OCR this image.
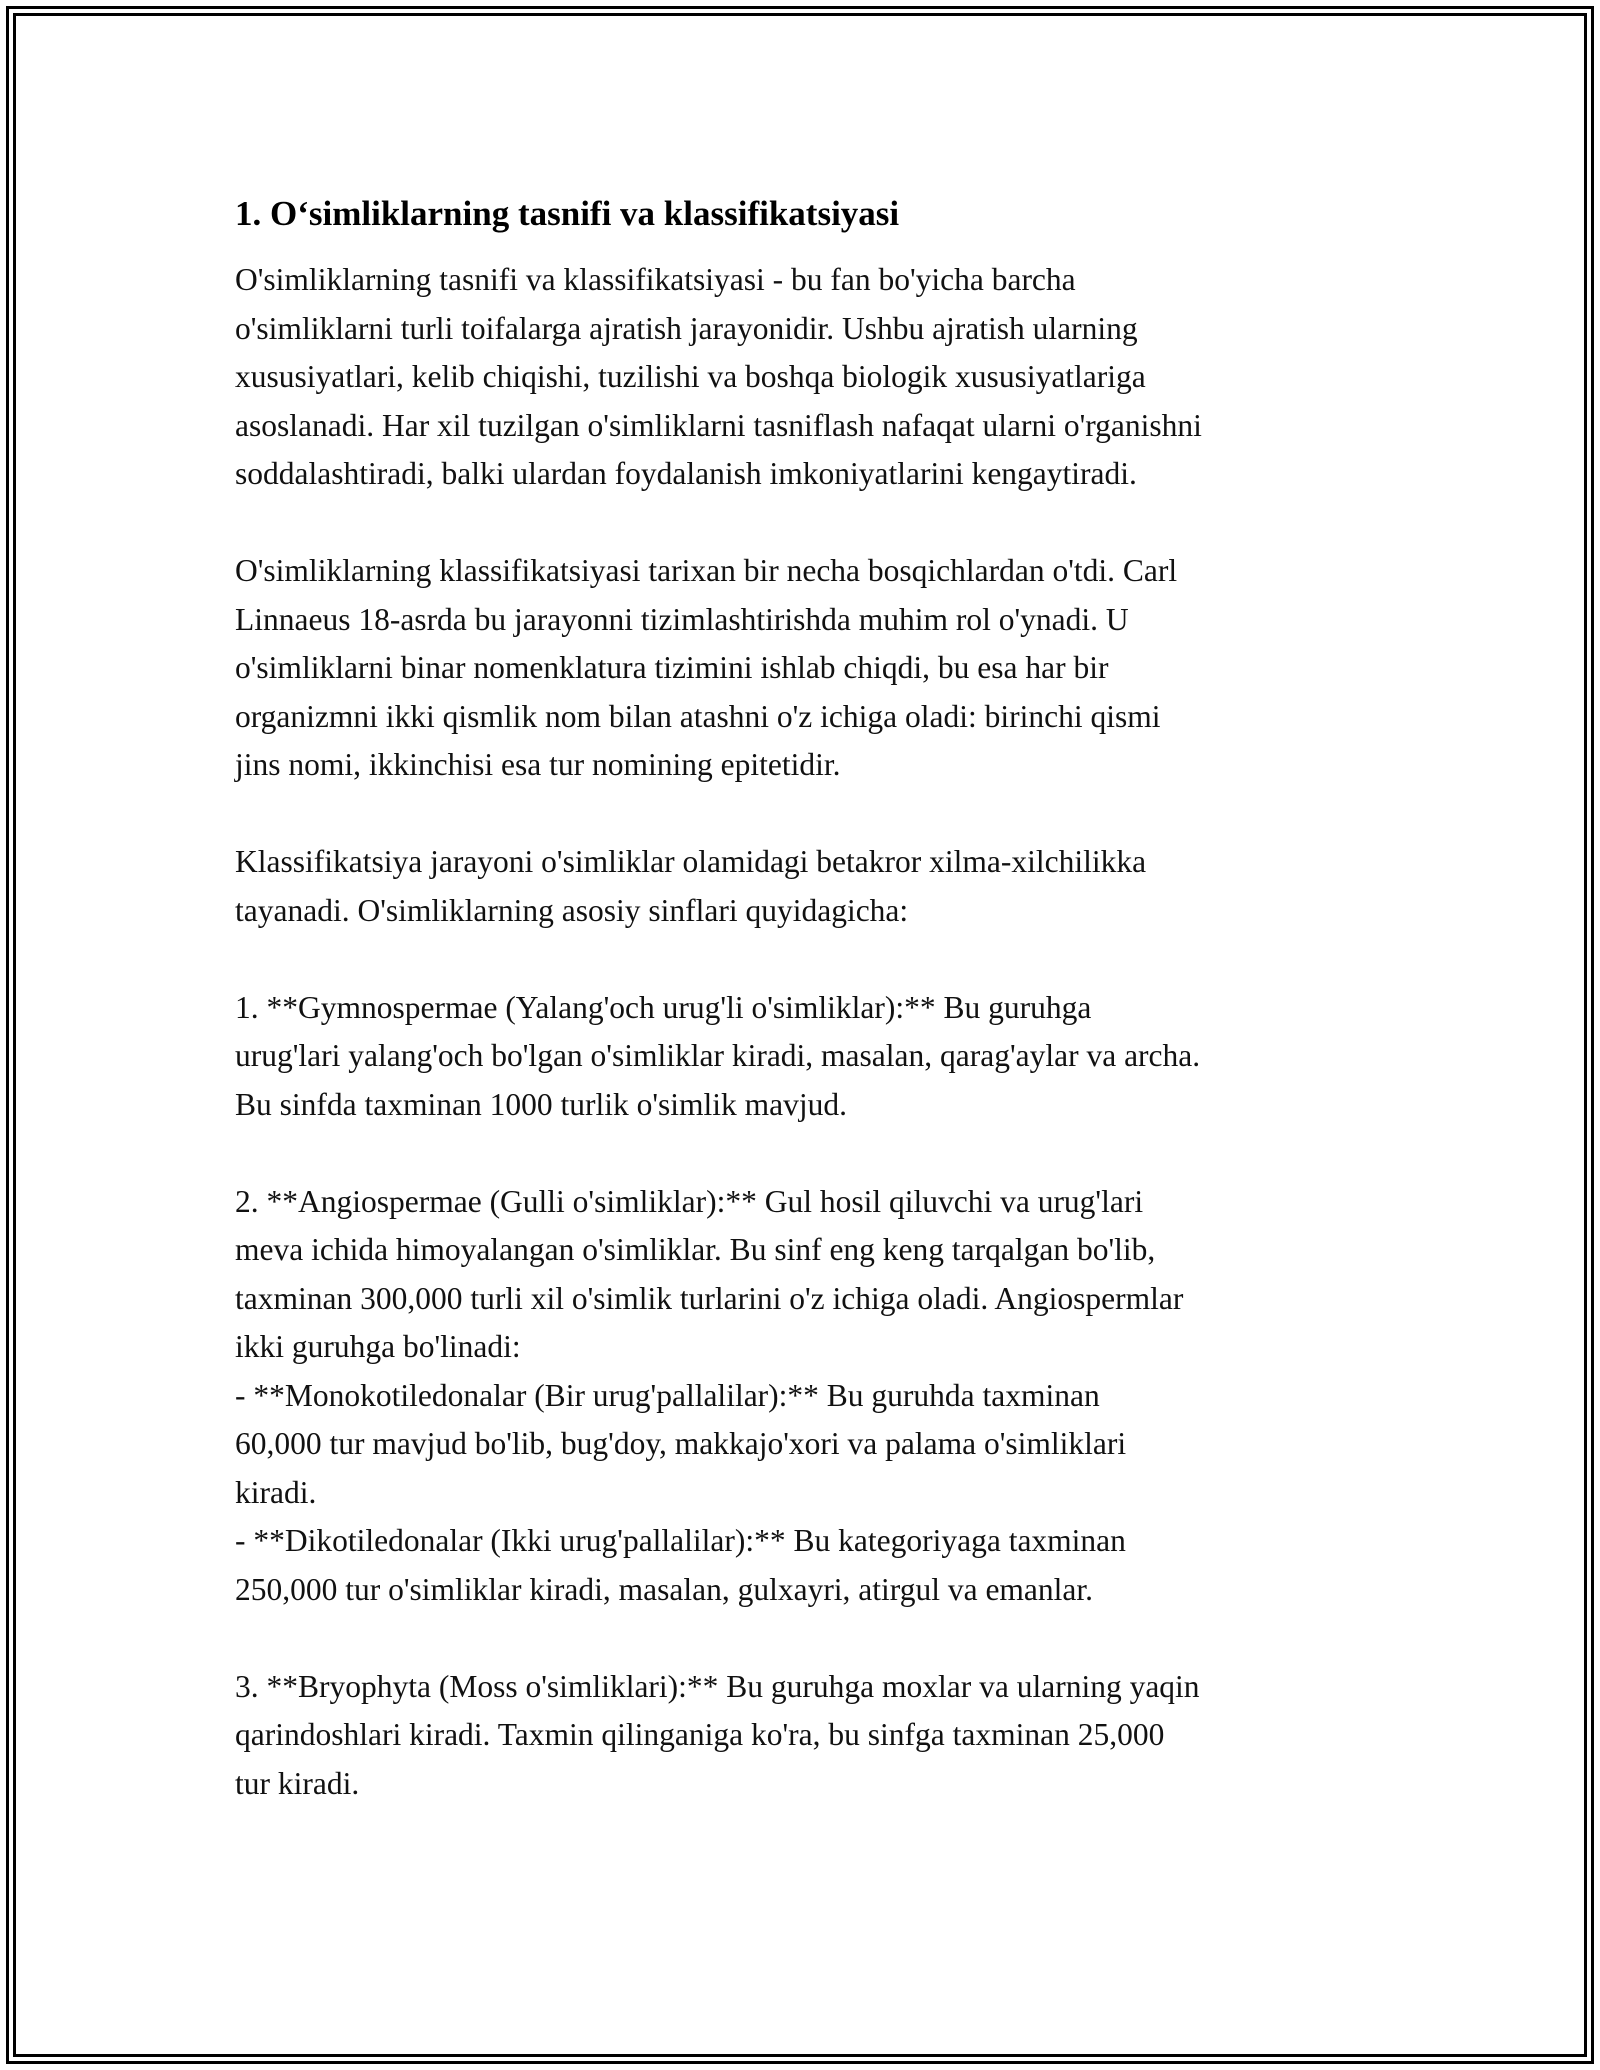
1. O‘simliklarning tasnifi va klassifikatsiyasi

O'simliklarning tasnifi va klassifikatsiyasi - bu fan bo'yicha barcha
o'simliklarni turli toifalarga ajratish jarayonidir. Ushbu ajratish ularning
xususiyatlari, kelib chiqishi, tuzilishi va boshqa biologik xususiyatlariga
asoslanadi. Har xil tuzilgan o'simliklarni tasniflash nafaqat ularni o'rganishni
soddalashtiradi, balki ulardan foydalanish imkoniyatlarini kengaytiradi.

O'simliklarning klassifikatsiyasi tarixan bir necha bosqichlardan o'tdi. Carl
Linnaeus 18-asrda bu jarayonni tizimlashtirishda muhim rol o'ynadi. U
o'simliklarni binar nomenklatura tizimini ishlab chiqdi, bu esa har bir
organizmni ikki qismlik nom bilan atashni o'z ichiga oladi: birinchi qismi
jins nomi, ikkinchisi esa tur nomining epitetidir.

Klassifikatsiya jarayoni o'simliklar olamidagi betakror xilma-xilchilikka
tayanadi. O'simliklarning asosiy sinflari quyidagicha:

1. **Gymnospermae (Yalang'och urug'li o'simliklar):** Bu guruhga
urug'lari yalang'och bo'lgan o'simliklar kiradi, masalan, qarag'aylar va archa.
Bu sinfda taxminan 1000 turlik o'simlik mavjud.

2. **Angiospermae (Gulli o'simliklar):** Gul hosil qiluvchi va urug'lari
meva ichida himoyalangan o'simliklar. Bu sinf eng keng tarqalgan bo'lib,
taxminan 300,000 turli xil o'simlik turlarini o'z ichiga oladi. Angiospermlar
ikki guruhga bo'linadi:
- **Monokotiledonalar (Bir urug'pallalilar):** Bu guruhda taxminan
60,000 tur mavjud bo'lib, bug'doy, makkajo'xori va palama o'simliklari
kiradi.
- **Dikotiledonalar (Ikki urug'pallalilar):** Bu kategoriyaga taxminan
250,000 tur o'simliklar kiradi, masalan, gulxayri, atirgul va emanlar.

3. **Bryophyta (Moss o'simliklari):** Bu guruhga moxlar va ularning yaqin
qarindoshlari kiradi. Taxmin qilinganiga ko'ra, bu sinfga taxminan 25,000
tur kiradi.
